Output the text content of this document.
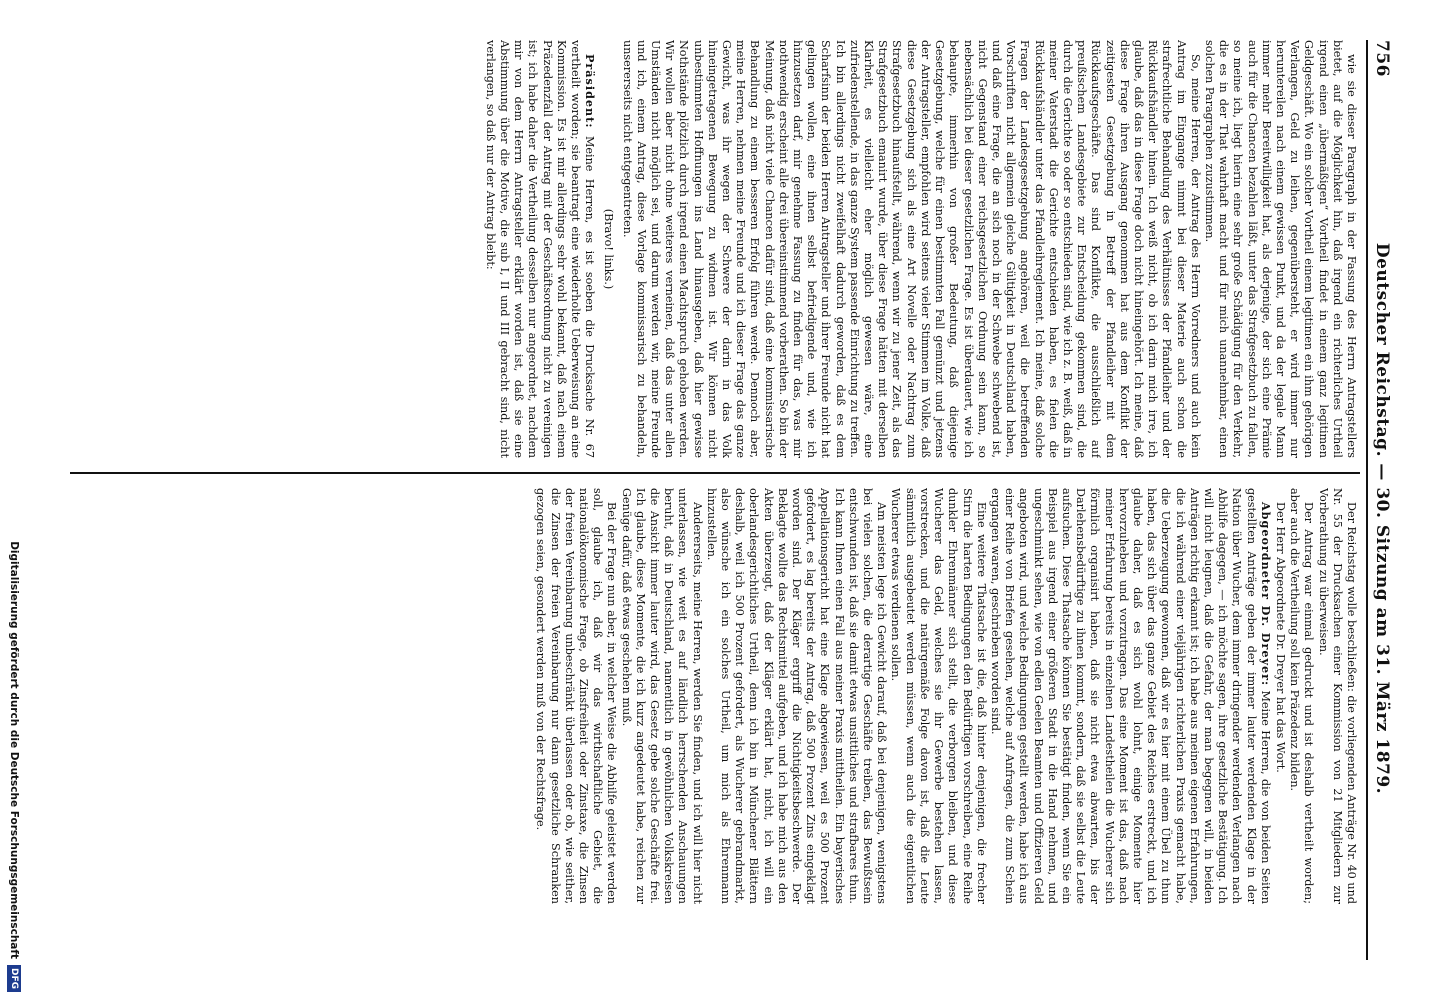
756
Deutscher Reichstag. — 30. Sitzung am 31. März 1879.

wie sie dieser Paragraph in der Fassung des Herrn Antragstellers bietet, auf die Möglichkeit hin, daß irgend ein richterliches Urtheil irgend einen „übermäßigen“ Vortheil findet in einem ganz legitimen Geldgeschäft. Wo ein solcher Vortheil einem legitimen ein ihm gehörigen Verlangen, Geld zu leihen, gegenübersteht, er wird immer nur heruntereilen nach einem gewissen Punkt, und da der legale Mann immer mehr Bereitwilligkeit hat, als derjenige, der sich eine Prämie auch für die Chancen bezahlen läßt, unter das Strafgesetzbuch zu fallen, so meine ich, liegt hierin eine sehr große Schädigung für den Verkehr, die es in der That wahrhaft macht und für mich unannehmbar, einen solchen Paragraphen zuzustimmen.

So, meine Herren, der Antrag des Herrn Vorredners und auch kein Antrag im Eingange nimmt bei dieser Materie auch schon die strafrechtliche Behandlung des Verhältnisses der Pfandleiher und der Rückkaufshändler hinein. Ich weiß nicht, ob ich darin mich irre, ich glaube, daß das in diese Frage doch nicht hineingehört. Ich meine, daß diese Frage ihren Ausgang genommen hat aus dem Konflikt der zeitigesten Gesetzgebung in Betreff der Pfandleiher mit dem Rückkaufsgeschäfte. Das sind Konflikte, die ausschließlich auf preußischem Landesgebiete zur Entscheidung gekommen sind, die durch die Gerichte so oder so entschieden sind, wie ich z. B. weiß, daß in meiner Vaterstadt die Gerichte entschieden haben, es fielen die Rückkaufshändler unter das Pfandleihreglement. Ich meine, daß solche Fragen der Landesgesetzgebung angehören, weil die betreffenden Vorschriften nicht allgemein gleiche Gültigkeit in Deutschland haben, und daß eine Frage, die an sich noch in der Schwebe schwebend ist, nicht Gegenstand einer reichsgesetzlichen Ordnung sein kann, so nebensächlich bei dieser gesetzlichen Frage. Es ist überdauert, wie ich behaupte, immerhin von großer Bedeutung, daß diejenige Gesetzgebung, welche für einen bestimmten Fall gemünzt und jetzens der Antragsteller, empfohlen wird seitens vieler Stimmen im Volke, daß diese Gesetzgebung sich als eine Art Novelle oder Nachtrag zum Strafgesetzbuch hinaufstellt, während, wenn wir zu jener Zeit, als das Strafgesetzbuch emanirt wurde, über diese Frage hätten mit derselben Klarheit, es vielleicht eher möglich gewesen wäre, eine zufriedenstellende, in das ganze System passende Einrichtung zu treffen. Ich bin allerdings nicht zweifelhaft dadurch geworden, daß es dem Scharfsinn der beiden Herren Antragsteller und ihrer Freunde nicht hat gelingen wollen, eine ihnen selbst befriedigende und, wie ich hinzusetzen darf, mir genehme Fassung zu finden für das, was mir nothwendig erscheint alle drei übereinstimmend vorberathen. So bin der Meinung, daß nicht viele Chancen dafür sind, daß eine kommissarische Behandlung zu einem besseren Erfolg führen werde. Dennoch aber, meine Herren, nehmen meine Freunde und ich dieser Frage das ganze Gewicht, was ihr wegen der Schwere der darin in das Volk hineingetragenen Bewegung zu widmen ist. Wir können nicht unbestimmten Hoffnungen ins Land hinausgeben, daß hier gewisse Nothstände plötzlich durch irgend einen Machtspruch gehoben werden. Wir wollen aber nicht ohne weiteres verneinen, daß das unter allen Umständen nicht möglich sei, und darum werden wir, meine Freunde und ich, einem Antrag, diese Vorlage kommissarisch zu behandeln, unsererseits nicht entgegentreten.

(Bravo! links.)

Präsident: Meine Herren, es ist soeben die Drucksache Nr. 67 vertheilt worden; sie beantragt eine wiederholte Ueberweisung an eine Kommission. Es ist mir allerdings sehr wohl bekannt, daß nach einem Präzedenzfall der Antrag mit der Geschäftsordnung nicht zu vereinigen ist; ich habe daher die Vertheilung desselben nur angeordnet, nachdem mir von dem Herrn Antragsteller erklärt worden ist, daß sie eine Abstimmung über die Motive, die sub I, II und III gebracht sind, nicht verlangen, so daß nur der Antrag bleibt:

Der Reichstag wolle beschließen: die vorliegenden Anträge Nr. 40 und Nr. 55 der Drucksachen einer Kommission von 21 Mitgliedern zur Vorberathung zu überweisen.

Der Antrag war einmal gedruckt und ist deshalb vertheilt worden; aber auch die Vertheilung soll kein Präzedenz bilden.

Der Herr Abgeordnete Dr. Dreyer hat das Wort.

Abgeordneter Dr. Dreyer: Meine Herren, die von beiden Seiten gestellten Anträge geben der immer lauter werdenden Klage in der Nation über Wucher, dem immer dringender werdenden Verlangen nach Abhilfe dagegen, — ich möchte sagen, ihre gesetzliche Bestätigung. Ich will nicht leugnen, daß die Gefahr, der man begegnen will, in beiden Anträgen richtig erkannt ist; ich habe aus meinen eigenen Erfahrungen, die ich während einer vieljährigen richterlichen Praxis gemacht habe, die Ueberzeugung gewonnen, daß wir es hier mit einem Übel zu thun haben, das sich über das ganze Gebiet des Reiches erstreckt, und ich glaube daher, daß es sich wohl lohnt, einige Momente hier hervorzuheben und vorzutragen. Das eine Moment ist das, daß nach meiner Erfahrung bereits in einzelnen Landestheilen die Wucherer sich förmlich organisirt haben, daß sie nicht etwa abwarten, bis der Darlehensbedürftige zu ihnen kommt, sondern, daß sie selbst die Leute aufsuchen. Diese Thatsache können Sie bestätigt finden, wenn Sie ein Beispiel aus irgend einer größeren Stadt in die Hand nehmen, und ungeschminkt sehen, wie von edlen Geelen Beamten und Offizieren Geld angeboten wird, und welche Bedingungen gestellt werden, habe ich aus einer Reihe von Briefen gesehen, welche auf Anfragen, die zum Schein ergangen waren, geschrieben worden sind.

Eine weitere Thatsache ist die, daß hinter denjenigen, die frecher Stirn die harten Bedingungen den Bedürftigen vorschreiben, eine Reihe dunkler Ehrenmänner sich stellt, die verborgen bleiben, und diese Wucherer das Geld, welches sie ihr Gewerbe bestehen lassen, vorstrecken, und die natürgemäße Folge davon ist, daß die Leute sämmtlich ausgebeutet werden müssen, wenn auch die eigentlichen Wucherer etwas verdienen sollen.

Am meisten lege ich Gewicht darauf, daß bei denjenigen, wenigstens bei vielen solchen, die derartige Geschäfte treiben, das Bewußtsein entschwunden ist, daß sie damit etwas unsittliches und strafbares thun. Ich kann Ihnen einen Fall aus meiner Praxis mittheilen. Ein bayerisches Appellationsgericht hat eine Klage abgewiesen, weil es 500 Prozent gefordert, es lag bereits der Antrag, daß 500 Prozent Zins eingeklagt worden sind. Der Kläger ergriff die Nichtigkeitsbeschwerde. Der Beklagte wollte das Rechtsmittel aufgeben, und ich habe mich aus den Akten überzeugt, daß der Kläger erklärt hat, nicht, ich will ein oberlandesgerichtliches Urtheil, denn ich bin in Münchener Blättern deshalb, weil ich 500 Prozent gefordert, als Wucherer gebrandmarkt, also wünsche ich ein solches Urtheil, um mich als Ehrenmann hinzustellen.

Andererseits, meine Herren, werden Sie finden, und ich will hier nicht unterlassen, wie weit es auf ländlich herrschenden Anschauungen beruht, daß in Deutschland, namentlich in gewöhnlichen Volkskreisen die Ansicht immer lauter wird, das Gesetz gebe solche Geschäfte frei. Ich glaube, diese Momente, die ich kurz angedeutet habe, reichen zur Genüge dafür, daß etwas geschehen muß.

Bei der Frage nun aber, in welcher Weise die Abhilfe geleistet werden soll, glaube ich, daß wir das wirthschaftliche Gebiet, die nationalökonomische Frage, ob Zinsfreiheit oder Zinstaxe, die Zinsen der freien Vereinbarung unbeschränkt überlassen oder ob, wie seither, die Zinsen der freien Vereinbarung nur dann gesetzliche Schranken gezogen seien, gesondert werden muß von der Rechtsfrage.

Digitalisierung gefördert durch die Deutsche Forschungsgemeinschaft
DFG
